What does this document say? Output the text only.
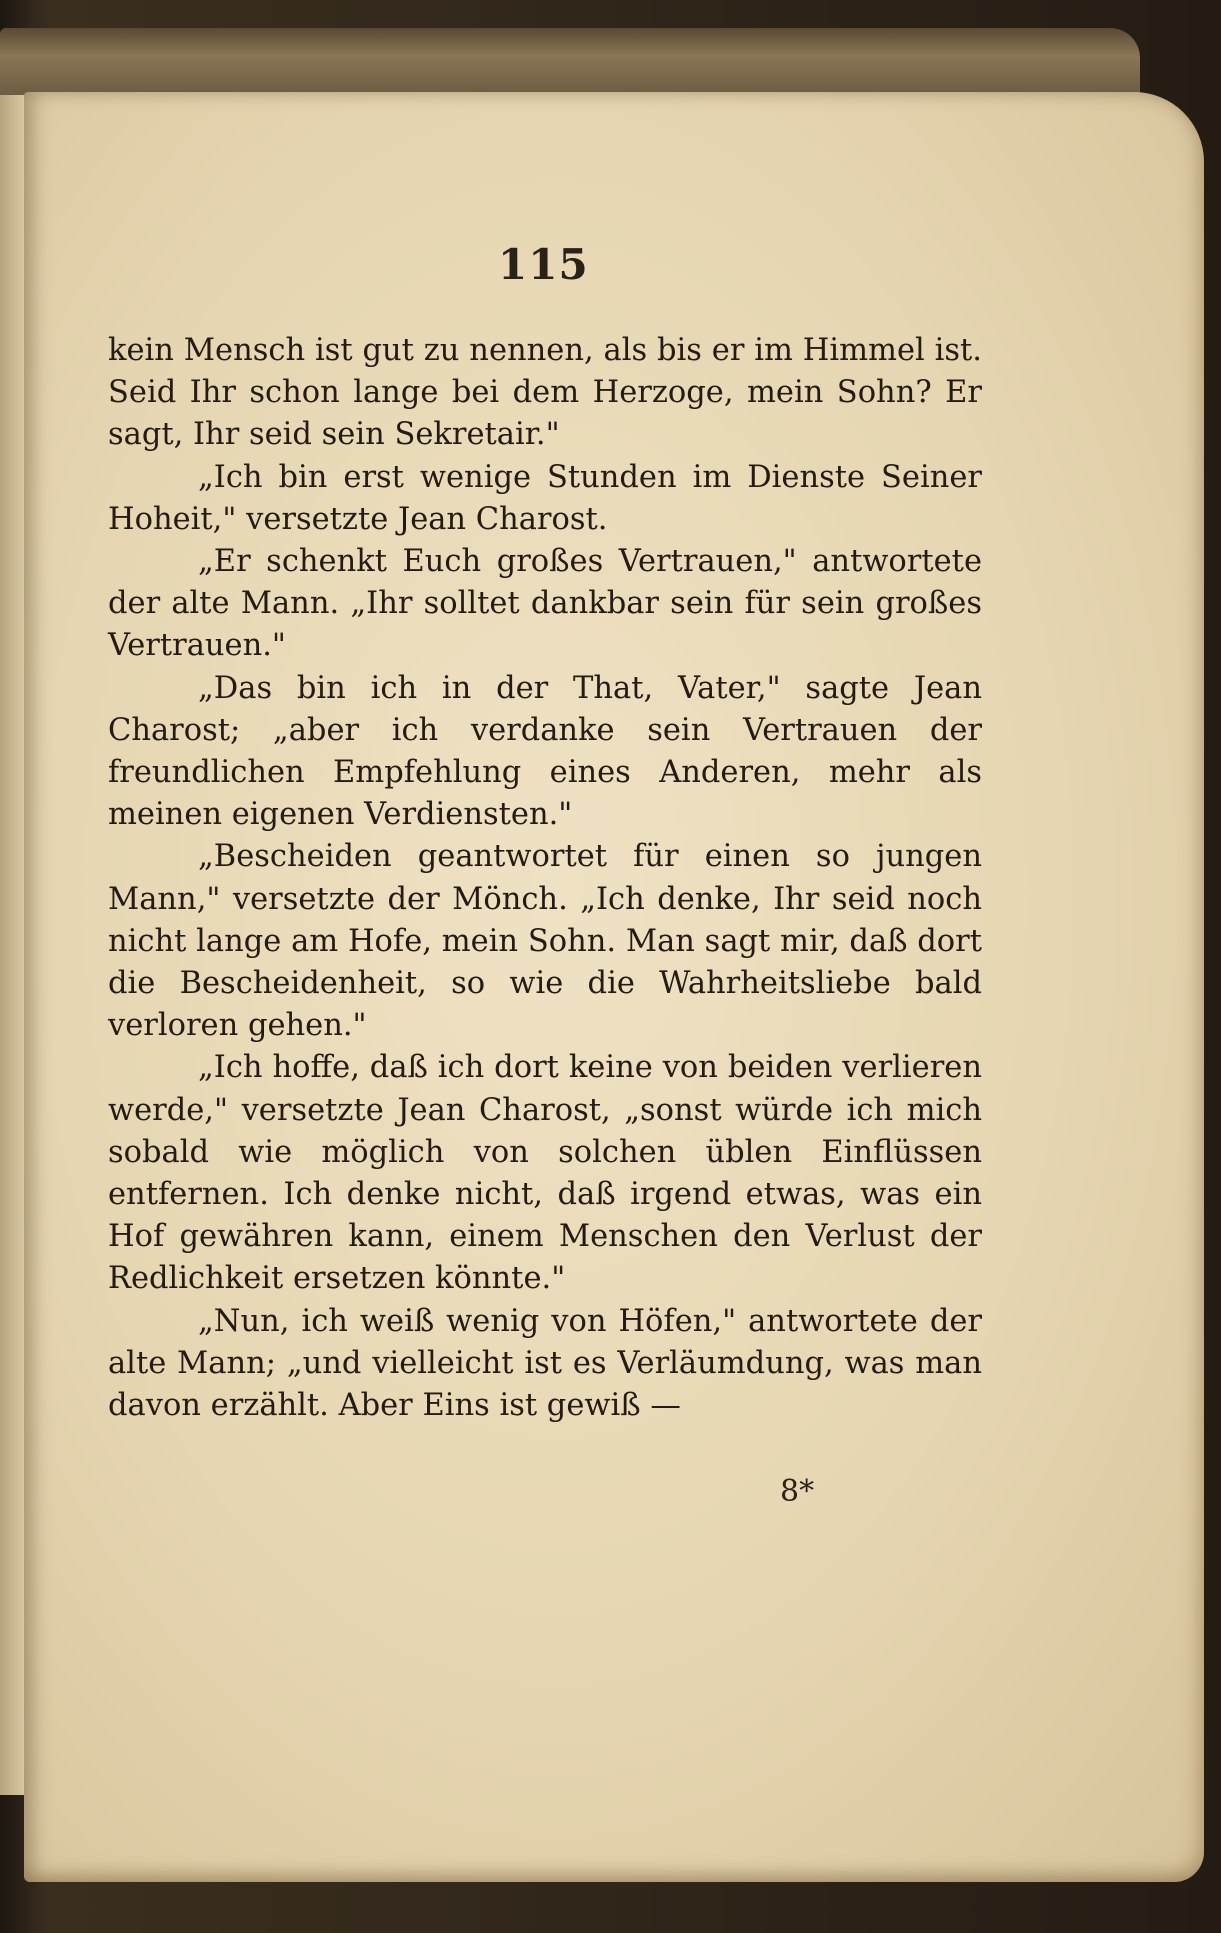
115

kein Mensch ist gut zu nennen, als bis er im Himmel ist. Seid Ihr schon lange bei dem Herzoge, mein Sohn? Er sagt, Ihr seid sein Sekretair."

„Ich bin erst wenige Stunden im Dienste Seiner Hoheit," versetzte Jean Charost.

„Er schenkt Euch großes Vertrauen," antwortete der alte Mann. „Ihr solltet dankbar sein für sein großes Vertrauen."

„Das bin ich in der That, Vater," sagte Jean Charost; „aber ich verdanke sein Vertrauen der freundlichen Empfehlung eines Anderen, mehr als meinen eigenen Verdiensten."

„Bescheiden geantwortet für einen so jungen Mann," versetzte der Mönch. „Ich denke, Ihr seid noch nicht lange am Hofe, mein Sohn. Man sagt mir, daß dort die Bescheidenheit, so wie die Wahrheitsliebe bald verloren gehen."

„Ich hoffe, daß ich dort keine von beiden verlieren werde," versetzte Jean Charost, „sonst würde ich mich sobald wie möglich von solchen üblen Einflüssen entfernen. Ich denke nicht, daß irgend etwas, was ein Hof gewähren kann, einem Menschen den Verlust der Redlichkeit ersetzen könnte."

„Nun, ich weiß wenig von Höfen," antwortete der alte Mann; „und vielleicht ist es Verläumdung, was man davon erzählt. Aber Eins ist gewiß —

8*
